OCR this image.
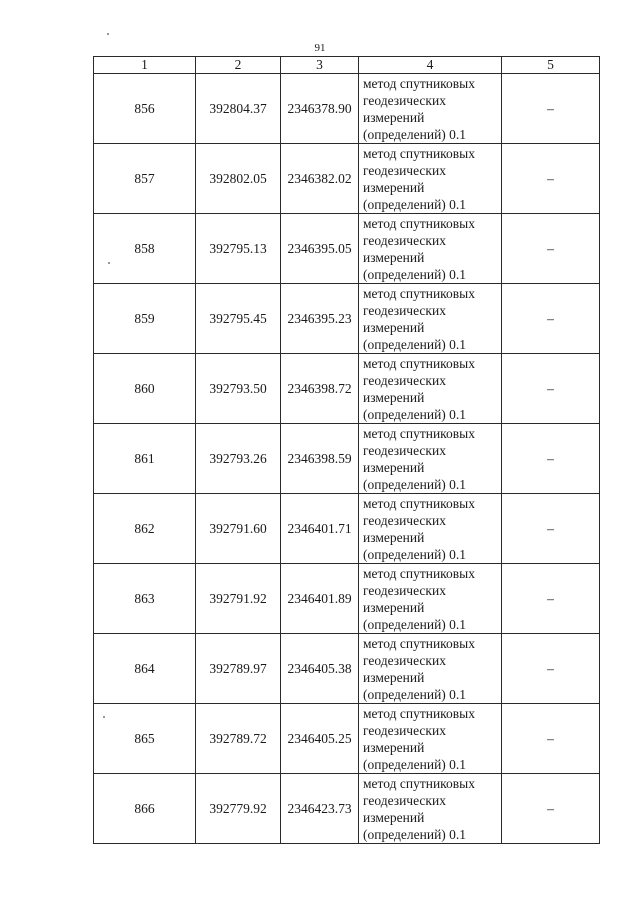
91
1	2	3	4	5
856	392804.37	2346378.90	метод спутниковых
геодезических
измерений
(определений) 0.1	–
857	392802.05	2346382.02	метод спутниковых
геодезических
измерений
(определений) 0.1	–
858	392795.13	2346395.05	метод спутниковых
геодезических
измерений
(определений) 0.1	–
859	392795.45	2346395.23	метод спутниковых
геодезических
измерений
(определений) 0.1	–
860	392793.50	2346398.72	метод спутниковых
геодезических
измерений
(определений) 0.1	–
861	392793.26	2346398.59	метод спутниковых
геодезических
измерений
(определений) 0.1	–
862	392791.60	2346401.71	метод спутниковых
геодезических
измерений
(определений) 0.1	–
863	392791.92	2346401.89	метод спутниковых
геодезических
измерений
(определений) 0.1	–
864	392789.97	2346405.38	метод спутниковых
геодезических
измерений
(определений) 0.1	–
865	392789.72	2346405.25	метод спутниковых
геодезических
измерений
(определений) 0.1	–
866	392779.92	2346423.73	метод спутниковых
геодезических
измерений
(определений) 0.1	–
